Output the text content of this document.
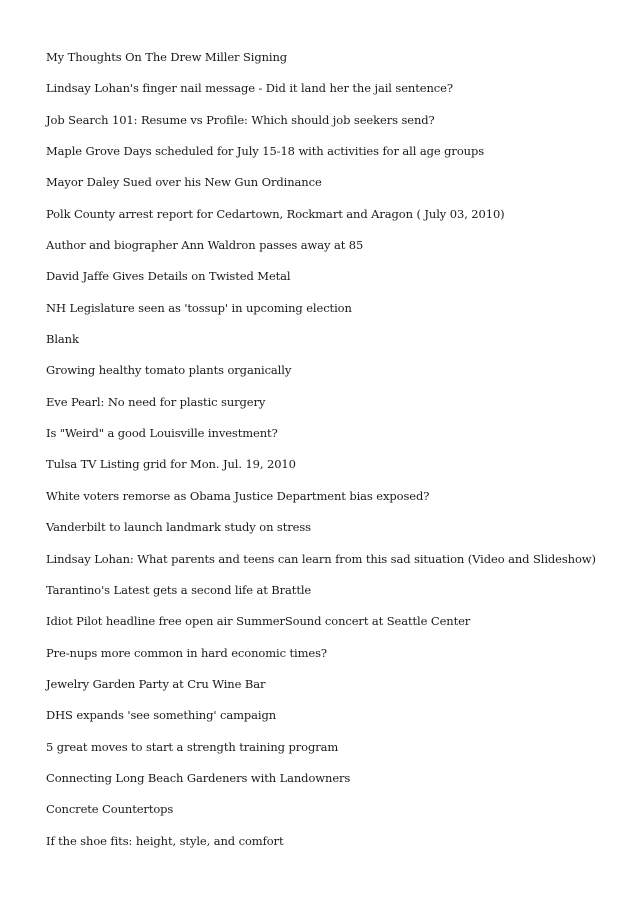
My Thoughts On The Drew Miller Signing
Lindsay Lohan's finger nail message - Did it land her the jail sentence?
Job Search 101: Resume vs Profile: Which should job seekers send?
Maple Grove Days scheduled for July 15-18 with activities for all age groups
Mayor Daley Sued over his New Gun Ordinance
Polk County arrest report for Cedartown, Rockmart and Aragon ( July 03, 2010)
Author and biographer Ann Waldron passes away at 85
David Jaffe Gives Details on Twisted Metal
NH Legislature seen as 'tossup' in upcoming election
Blank
Growing healthy tomato plants organically
Eve Pearl: No need for plastic surgery
Is "Weird" a good Louisville investment?
Tulsa TV Listing grid for Mon. Jul. 19, 2010
White voters remorse as Obama Justice Department bias exposed?
Vanderbilt to launch landmark study on stress
Lindsay Lohan: What parents and teens can learn from this sad situation (Video and Slideshow)
Tarantino's Latest gets a second life at Brattle
Idiot Pilot headline free open air SummerSound concert at Seattle Center
Pre-nups more common in hard economic times?
Jewelry Garden Party at Cru Wine Bar
DHS expands 'see something' campaign
5 great moves to start a strength training program
Connecting Long Beach Gardeners with Landowners
Concrete Countertops
If the shoe fits: height, style, and comfort
